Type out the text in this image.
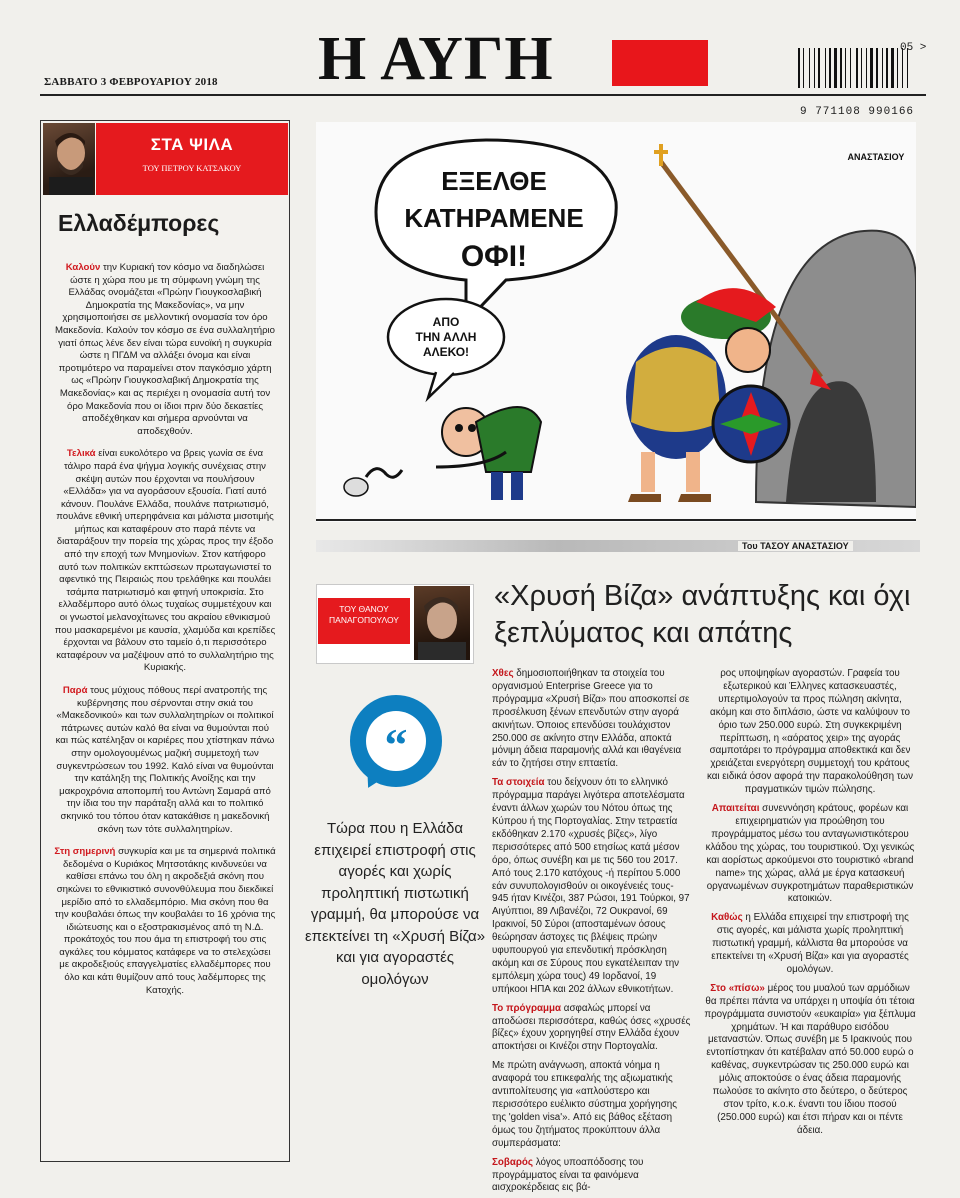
Η ΑΥΓΗ
ΣΑΒΒΑΤΟ 3 ΦΕΒΡΟΥΑΡΙΟΥ 2018
05 >
9 771108 990166
ΣΤΑ ΨΙΛΑ
ΤΟΥ ΠΕΤΡΟΥ ΚΑΤΣΑΚΟΥ
Ελλαδέμπορες

Καλούν την Κυριακή τον κόσμο να διαδηλώσει ώστε η χώρα που με τη σύμφωνη γνώμη της Ελλάδας ονομάζεται «Πρώην Γιουγκοσλαβική Δημοκρατία της Μακεδονίας», να μην χρησιμοποιήσει σε μελλοντική ονομασία τον όρο Μακεδονία. Καλούν τον κόσμο σε ένα συλλαλητήριο γιατί όπως λένε δεν είναι τώρα ευνοϊκή η συγκυρία ώστε η ΠΓΔΜ να αλλάξει όνομα και είναι προτιμότερο να παραμείνει στον παγκόσμιο χάρτη ως «Πρώην Γιουγκοσλαβική Δημοκρατία της Μακεδονίας» και ας περιέχει η ονομασία αυτή τον όρο Μακεδονία που οι ίδιοι πριν δύο δεκαετίες αποδέχθηκαν και σήμερα αρνούνται να αποδεχθούν.

Τελικά είναι ευκολότερο να βρεις γωνία σε ένα τάλιρο παρά ένα ψήγμα λογικής συνέχειας στην σκέψη αυτών που έρχονται να πουλήσουν «Ελλάδα» για να αγοράσουν εξουσία. Γιατί αυτό κάνουν. Πουλάνε Ελλάδα, πουλάνε πατριωτισμό, πουλάνε εθνική υπερηφάνεια και μάλιστα μισοτιμής μήπως και καταφέρουν στο παρά πέντε να διαταράξουν την πορεία της χώρας προς την έξοδο από την εποχή των Μνημονίων. Στον κατήφορο αυτό των πολιτικών εκπτώσεων πρωταγωνιστεί το αφεντικό της Πειραιώς που τρελάθηκε και πουλάει τσάμπα πατριωτισμό και φτηνή υποκρισία. Στο ελλαδέμπορο αυτό όλως τυχαίως συμμετέχουν και οι γνωστοί μελανοχίτωνες του ακραίου εθνικισμού που μασκαρεμένοι με καυσία, χλαμύδα και κρεπίδες έρχονται να βάλουν στο ταμείο ό,τι περισσότερο καταφέρουν να μαζέψουν από το συλλαλητήριο της Κυριακής.

Παρά τους μύχιους πόθους περί ανατροπής της κυβέρνησης που σέρνονται στην σκιά του «Μακεδονικού» και των συλλαλητηρίων οι πολιτικοί πάτρωνες αυτών καλό θα είναι να θυμούνται πού και πώς κατέληξαν οι καριέρες που χτίστηκαν πάνω στην ομολογουμένως μαζική συμμετοχή των συγκεντρώσεων του 1992. Καλό είναι να θυμούνται την κατάληξη της Πολιτικής Ανοίξης και την μακροχρόνια αποπομπή του Αντώνη Σαμαρά από την ίδια του την παράταξη αλλά και το πολιτικό σκηνικό του τόπου όταν κατακάθισε η μακεδονική σκόνη των τότε συλλαλητηρίων.

Στη σημερινή συγκυρία και με τα σημερινά πολιτικά δεδομένα ο Κυριάκος Μητσοτάκης κινδυνεύει να καθίσει επάνω του όλη η ακροδεξιά σκόνη που σηκώνει το εθνικιστικό συνονθύλευμα που διεκδικεί μερίδιο από το ελλαδεμπόριο. Μια σκόνη που θα την κουβαλάει όπως την κουβαλάει το 16 χρόνια της ιδιώτευσης και ο εξοστρακισμένος από τη Ν.Δ. προκάτοχός του που άμα τη επιστροφή του στις αγκάλες του κόμματος κατάφερε να το στελεχώσει με ακροδεξιούς επαγγελματίες ελλαδέμπορες που όλο και κάτι θυμίζουν από τους λαδέμπορες της Κατοχής.

ΕΞΕΛΘΕ
ΚΑΤΗΡΑΜΕΝΕ
ΟΦΙ!
ΑΠΟ
ΤΗΝ ΑΛΛΗ
ΑΛΕΚΟ!
ΑΝΑΣΤΑΣΙΟΥ
Του ΤΑΣΟΥ ΑΝΑΣΤΑΣΙΟΥ
ΤΟΥ ΘΑΝΟΥ ΠΑΝΑΓΟΠΟΥΛΟΥ
«Χρυσή Βίζα» ανάπτυξης και όχι ξεπλύματος και απάτης
“
Τώρα που η Ελλάδα επιχειρεί επιστροφή στις αγορές και χωρίς προληπτική πιστωτική γραμμή, θα μπορούσε να επεκτείνει τη «Χρυσή Βίζα» και για αγοραστές ομολόγων

Χθες δημοσιοποιήθηκαν τα στοιχεία του οργανισμού Enterprise Greece για το πρόγραμμα «Χρυσή Βίζα» που αποσκοπεί σε προσέλκυση ξένων επενδυτών στην αγορά ακινήτων. Όποιος επενδύσει τουλάχιστον 250.000 σε ακίνητο στην Ελλάδα, αποκτά μόνιμη άδεια παραμονής αλλά και ιθαγένεια εάν το ζητήσει στην επταετία.

Τα στοιχεία του δείχνουν ότι το ελληνικό πρόγραμμα παράγει λιγότερα αποτελέσματα έναντι άλλων χωρών του Νότου όπως της Κύπρου ή της Πορτογαλίας. Στην τετραετία εκδόθηκαν 2.170 «χρυσές βίζες», λίγο περισσότερες από 500 ετησίως κατά μέσον όρο, όπως συνέβη και με τις 560 του 2017. Από τους 2.170 κατόχους -ή περίπου 5.000 εάν συνυπολογισθούν οι οικογένειές τους- 945 ήταν Κινέζοι, 387 Ρώσοι, 191 Τούρκοι, 97 Αιγύπτιοι, 89 Λιβανέζοι, 72 Ουκρανοί, 69 Ιρακινοί, 50 Σύροι (αποσταμένων όσους θεώρησαν άστοχες τις βλέψεις πρώην υφυπουργού για επενδυτική πρόσκληση ακόμη και σε Σύρους που εγκατέλειπαν την εμπόλεμη χώρα τους) 49 Ιορδανοί, 19 υπήκοοι ΗΠΑ και 202 άλλων εθνικοτήτων.

Το πρόγραμμα ασφαλώς μπορεί να αποδώσει περισσότερα, καθώς όσες «χρυσές βίζες» έχουν χορηγηθεί στην Ελλάδα έχουν αποκτήσει οι Κινέζοι στην Πορτογαλία.

Με πρώτη ανάγνωση, αποκτά νόημα η αναφορά του επικεφαλής της αξιωματικής αντιπολίτευσης για «απλούστερο και περισσότερο ευέλικτο σύστημα χορήγησης της 'golden visa'». Από εις βάθος εξέταση όμως του ζητήματος προκύπτουν άλλα συμπεράσματα:

Σοβαρός λόγος υποαπόδοσης του προγράμματος είναι τα φαινόμενα αισχροκέρδειας εις βά-

ρος υποψηφίων αγοραστών. Γραφεία του εξωτερικού και Έλληνες κατασκευαστές, υπερτιμολογούν τα προς πώληση ακίνητα, ακόμη και στο διπλάσιο, ώστε να καλύψουν το όριο των 250.000 ευρώ. Στη συγκεκριμένη περίπτωση, η «αόρατος χειρ» της αγοράς σαμποτάρει το πρόγραμμα αποθεκτικά και δεν χρειάζεται ενεργότερη συμμετοχή του κράτους και ειδικά όσον αφορά την παρακολούθηση των πραγματικών τιμών πώλησης.

Απαιτείται συνεννόηση κράτους, φορέων και επιχειρηματιών για προώθηση του προγράμματος μέσω του ανταγωνιστικότερου κλάδου της χώρας, του τουριστικού. Όχι γενικώς και αορίστως αρκούμενοι στο τουριστικό «brand name» της χώρας, αλλά με έργα κατασκευή οργανωμένων συγκροτημάτων παραθεριστικών κατοικιών.

Καθώς η Ελλάδα επιχειρεί την επιστροφή της στις αγορές, και μάλιστα χωρίς προληπτική πιστωτική γραμμή, κάλλιστα θα μπορούσε να επεκτείνει τη «Χρυσή Βίζα» και για αγοραστές ομολόγων.

Στο «πίσω» μέρος του μυαλού των αρμόδιων θα πρέπει πάντα να υπάρχει η υποψία ότι τέτοια προγράμματα συνιστούν «ευκαιρία» για ξέπλυμα χρημάτων. Ή και παράθυρο εισόδου μεταναστών. Όπως συνέβη με 5 Ιρακινούς που εντοπίστηκαν ότι κατέβαλαν από 50.000 ευρώ ο καθένας, συγκεντρώσαν τις 250.000 ευρώ και μόλις αποκτούσε ο ένας άδεια παραμονής πωλούσε το ακίνητο στο δεύτερο, ο δεύτερος στον τρίτο, κ.ο.κ. έναντι του ίδιου ποσού (250.000 ευρώ) και έτσι πήραν και οι πέντε άδεια.
